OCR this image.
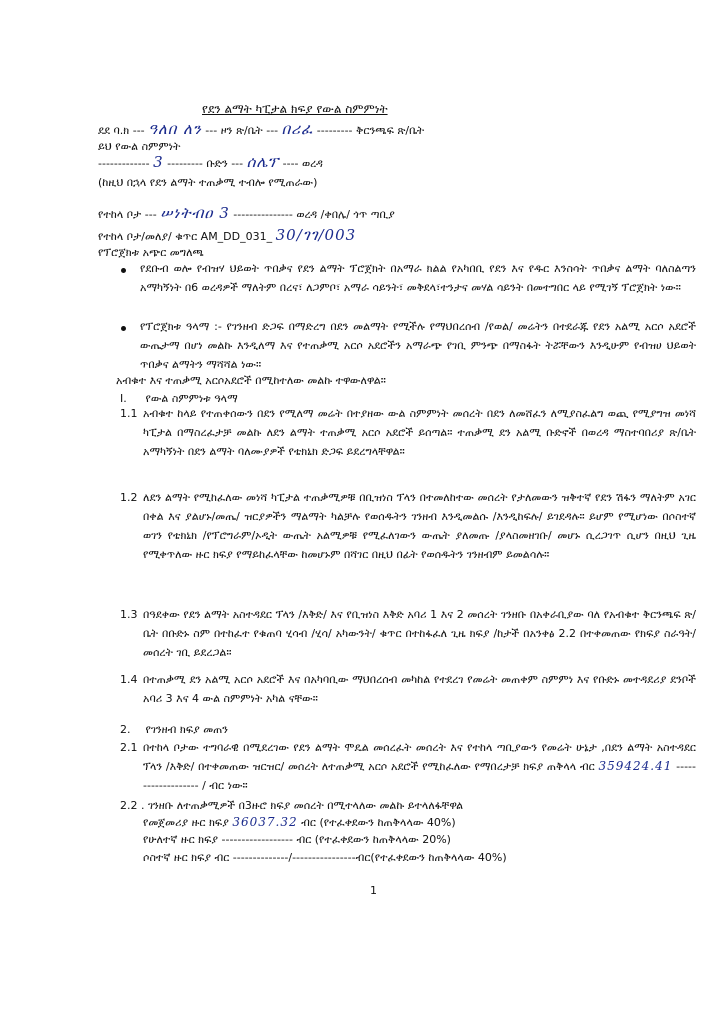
የደን ልማት ካፒታል ክፍያ የውል ስምምነት
ደደ ባ.ክ --- ዓለበ ለን --- ዞን ጽ/ቤት --- በሪፈ --------- ቅርንጫፍ ጽ/ቤት
ይህ የውል ስምምነት
------------- 3 --------- ቡድን --- ሰሌፕ ---- ወረዳ
(ከዚህ በኋላ የደን ልማት ተጠቃሚ ተብሎ የሚጠራው)
የተከላ ቦታ --- ሠነትብዐ 3 --------------- ወረዳ /ቀበሌ/ ጎጥ ጣቢያ
የተከላ ቦታ/መለያ/ ቁጥር AM_DD_031_ 30/ገገ/003
የፕሮጀክቱ አጭር መግለጫ
የደቡብ ወሎ የብዝሃ ህይወት ጥበቃና የደን ልማት ፕሮጀክት በአማራ ክልል የአካበቢ የደን እና የዱር እንስሳት ጥበቃና ልማት ባለስልጣን አማካኝነት በ6 ወረዳዎች ማለትም በረና፣ ለጋምቦ፣ አማራ ሳይንት፣ መቅደላ፣ተንታና መሃል ሳይንት በመተግበር ላይ የሚገኝ ፕሮጀክት ነው።
የፕሮጀክቱ ዓላማ :- የገንዘብ ድጋፍ በማድረግ በደን መልማት የሚችሉ የማህበረሰብ /የወል/ መሬትን በተደራጁ የደን አልሚ አርሶ አደሮች ውጤታማ በሆነ መልኩ እንዲለማ እና የተጠቃሚ አርሶ አደሮችን አማራጭ የገቢ ምንጭ በማስፋት ትሯቸውን እንዲሁም የብዝሀ ህይወት ጥበቃና ልማትን ማሻሻል ነው።
አብቁተ እና ተጠቃሚ አርሶአደሮች በሚከተለው መልኩ ተዋውለዋል።
I. የውል ስምምነቱ ዓላማ
1.1 አብቁተ ከላይ የተጠቀሰውን በደን የሚለማ መሬት በተያዘው ውል ስምምነት መሰረት በደን ለመሸፈን ለሚያስፈልግ ወጪ የሚያግዝ መነሻ ካፒታል በማስረፈታቻ መልኩ ለደን ልማት ተጠቃሚ አርሶ አደሮች ይሰጣል። ተጠቃሚ ደን አልሚ ቡድኖች በወረዳ ማስተባበሪያ ጽ/ቤት አማካኝነት በደን ልማት ባለሙያዎች የቴክኒክ ድጋፍ ይደረግላቸዋል።
1.2 ለደን ልማት የሚከፈለው መነሻ ካፒታል ተጠቃሚዎቹ በቢዝነስ ፕላን በተመለከተው መሰረት የታለመውን ዝቅተኛ የደን ሽፋን ማለትም አገር በቀል እና ያልሆኑ/መጤ/ ዝርያዎችን ማልማት ካልቻሉ የወሰዱትን ገንዘብ እንዲመልሱ /እንዲከፍሉ/ ይገደዳሉ። ይሆም የሚሆነው በሶስተኛ ወገን የቴክኒክ /የፕሮግራም/ኦዲት ውጤት አልሚዎቹ የሚፈለገውን ውጤት ያለመጡ /ያላስመዘገቡ/ መሆኑ ሲረጋገጥ ሲሆን በዚህ ጊዜ የሚቀጥለው ዙር ክፍያ የማይከፈላቸው ከመሆኑም በሻገር በዚህ በፊት የወሰዱትን ገንዘብም ይመልሳሉ።
1.3 በዓደቀው የደን ልማት አስተዳደር ፕላን /እቅድ/ እና የቢዝነስ እቅድ አባሪ 1 እና 2 መሰረት ገንዘቡ በአቀራቢያው ባለ የአብቁተ ቅርንጫፍ ጽ/ቤት በቡድኑ ስም በተከፈተ የቁጠባ ሂሳብ /ሂሳ/ አካውንት/ ቁጥር በተከፋፈለ ጊዜ ክፍያ /ከታች በአንቀፅ 2.2 በተቀመጠው የክፍያ ስራዓት/ መሰረት ገቢ ይደረጋል።
1.4 በተጠቃሚ ደን አልሚ አርሶ አደሮች እና በአካባቢው ማህበረሰብ መካከል የተደረገ የመሬት መጠቀም ስምምነ እና የቡድኑ መተዳደሪያ ደንቦች አባሪ 3 እና 4 ውል ስምምነት አካል ናቸው።
2. የገንዘብ ክፍያ መጠን
2.1 በተከላ ቦታው ተግባራዊ በሚደረገው የደን ልማት ሞዴል መሰረፈት መሰረት እና የተከላ ጣቢያውን የመሬት ሁኔታ ,በደን ልማት አስተዳደር ፕላን /እቅድ/ በተቀመጠው ዝርዝር/ መሰረት ለተጠቃሚ አርሶ አደሮች የሚከፈለው የማበረታቻ ክፍያ ጠቅላላ ብር 359424.41 ------------------- / ብር ነው።
2.2 . ገንዘቡ ለተጠቃሚዎች በ3ዙሮ ክፍያ መሰረት በሚተላለው መልኩ ይተላለፋቸዋል
የመጀመሪያ ዙር ክፍያ 36037.32 ብር (የተፈቀደውን ከጠቅላላው 40%)
የሁለተኛ ዙር ክፍያ ------------------ ብር (የተፈቀደውን ከጠቅላላው 20%)
ሶስተኛ ዙር ክፍያ ብር --------------/----------------ብር(የተፈቀደውን ከጠቅላላው 40%)
1
